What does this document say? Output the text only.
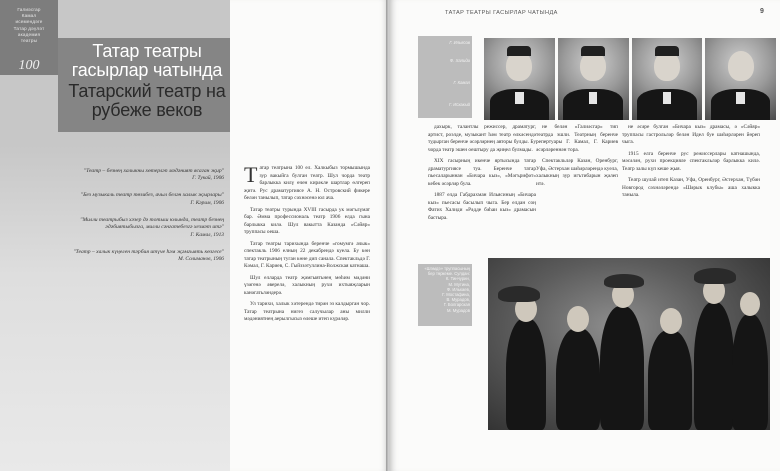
Галиәсгар
Камал
исемендәге
Татар дәүләт
академия
театры
100
Татар театры гасырлар чатында
Татарский театр на рубеже веков
"Театр – безнең халыкны хөтерләп мәдәният ясаган җир"
Г. Тукай, 1906
"Без музыкаль театр төзибез, ачыл белән халык җырлары"
Г. Кәрим, 1906
"Милли театрыбыз хәзер дә тотыш юлында, театр безнең әдәбиятыбызга, милли сәнгатебезгә хезмәт итә"
Г. Камал, 1913
"Театр – халык күңелен тәрбия итүче һәм җәмгыять көзгесе"
М. Солиманов, 1906

Татар театрына 100 ел. Халкыбыз тормышында зур вакыйга булган театр. Шул чорда театр барлыкка килү өчен кирәкле шартлар өлгереп җитә. Рус драматургиясе А. Н. Островский фикере белән танылып, татар сәхнәсенә юл ача.

Татар театры турында XVIII гасырда ук мәгълүмат бар. Әмма профессиональ театр 1906 елда гына барлыкка килә. Шул вакытта Казанда «Сәйяр» труппасы оеша.

Татар театры тарихында беренче «гомумгә ачык» спектакль 1906 елның 22 декабрендә куела. Бу көн татар театрының туган көне дип санала. Спектакльдә Г. Кәмал, Г. Кариев, С. Гыйззәтуллина-Волжская катнаша.

Шул елларда театр җәмгыятьнең мөһим мәдәни үзәгенә әверелә, халыкның рухи ихтыяҗларын канәгатьләндерә.

Ул тарихи, халык хәтерендә тирән эз калдырган чор. Татар театрына нигез салучылар аны милли мәдәниятнең аерылгысыз өлеше итеп күрәләр.

ТАТАР ТЕАТРЫ ГАСЫРЛАР ЧАТЫНДА	9
Г. Ильясов
Ф. Халиди
Г. Камал
Г. Исхакый

дахырк, талантлы режиссер, драматург, артист, роэлде, музыкант һәм театр өлкәсендә тудырган беренче әсәрләрнең авторы булды. Бу чорда театр эшен оештыру да җиңел булмады.

XIX гасырның икенче яртысында татар драматургиясе туа. Беренче татар пьесаларыннан «Бичара кыз», «Мәгърифәт» кебек әсәрләр була.

1887 елда Габдрахман Ильясиның «Бичара кыз» пьесасы басылып чыга. Бер елдан соң Фатих Халиди «Рәдде бәһаи кыз» драмасын бастыра.

не белән «Галиәсгар» тип театрда эшли. Театрның беренче репертуары Г. Камал, Г. Кариев әсәрләреннән тора.

Спектакльләр Казан, Оренбург, Уфа, Әстерхан шәһәрләрендә куела, халыкның зур игътибарын җәлеп итә.

не әсәре булган «Бичара кыз» драмасы, ә «Сәйяр» труппасы гастрольләр белән Идел буе шәһәрләрен йөреп чыга.

1915 елга беренче рус режиссерлары катнашында, мәсәлән, рухи проекцияле спектакльләр барлыкка килә. Театр залы күп кеше җыя.

Театр шулай итеп Казан, Уфа, Оренбург, Әстерхан, Түбән Новгород сәхнәләрендә «Шәрык клубы» аша халыкка таныла.

«Шәмдә» труппасының бер төркеме. Сулдан:
К. Тинчурин,
М. Мутина,
Ф. Илькаев,
Г. Мостафина,
В. Мурадов,
Г. Болгарская
М. Мурадов
